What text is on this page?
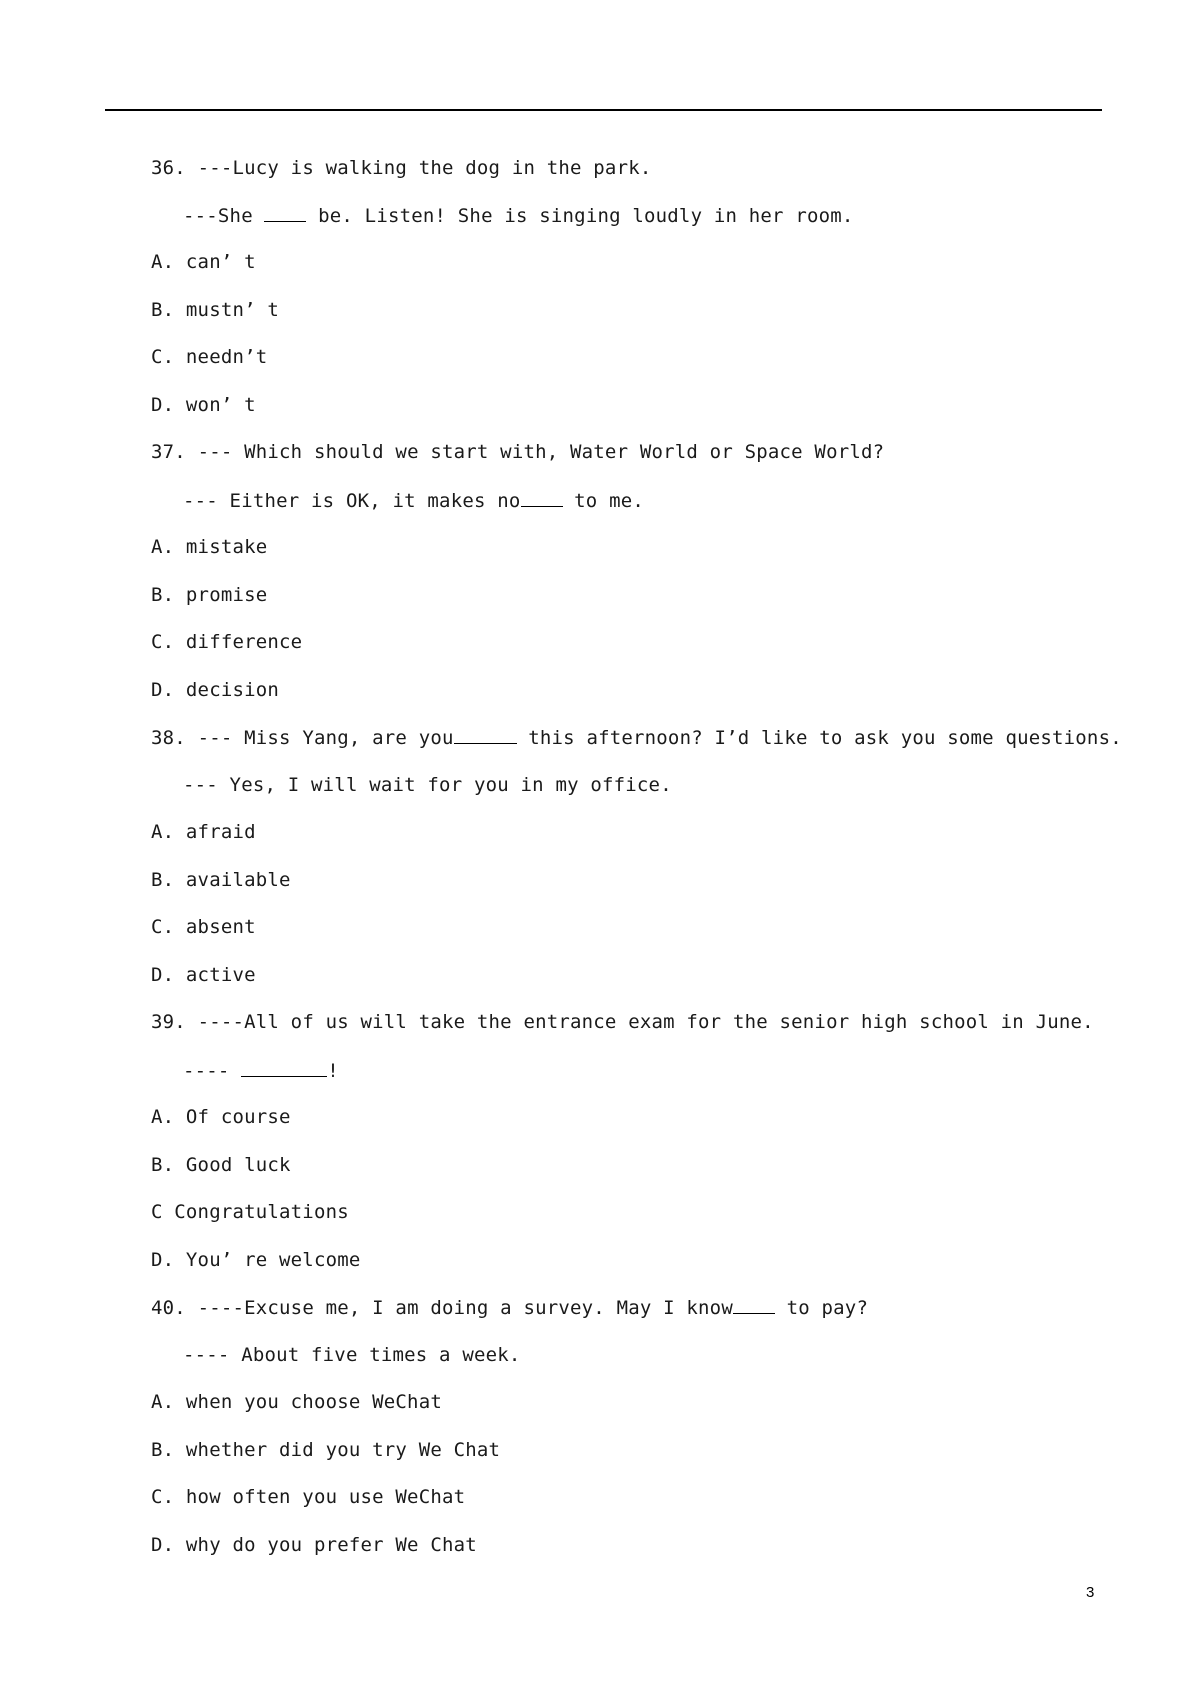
36. ---Lucy is walking the dog in the park.
---She  be. Listen! She is singing loudly in her room.
A. can’ t
B. mustn’ t
C. needn’t
D. won’ t
37. --- Which should we start with, Water World or Space World?
--- Either is OK, it makes no to me.
A. mistake
B. promise
C. difference
D. decision
38. --- Miss Yang, are you	this afternoon? I’d like to ask you some questions.
--- Yes, I will wait for you in my office.
A. afraid
B. available
C. absent
D. active
39. ----All of us will take the entrance exam for the senior high school in June.
----	!
A. Of course
B. Good luck
C Congratulations
D. You’ re welcome
40. ----Excuse me, I am doing a survey. May I know to pay?
---- About five times a week.
A. when you choose WeChat
B. whether did you try We Chat
C. how often you use WeChat
D. why do you prefer We Chat
3
